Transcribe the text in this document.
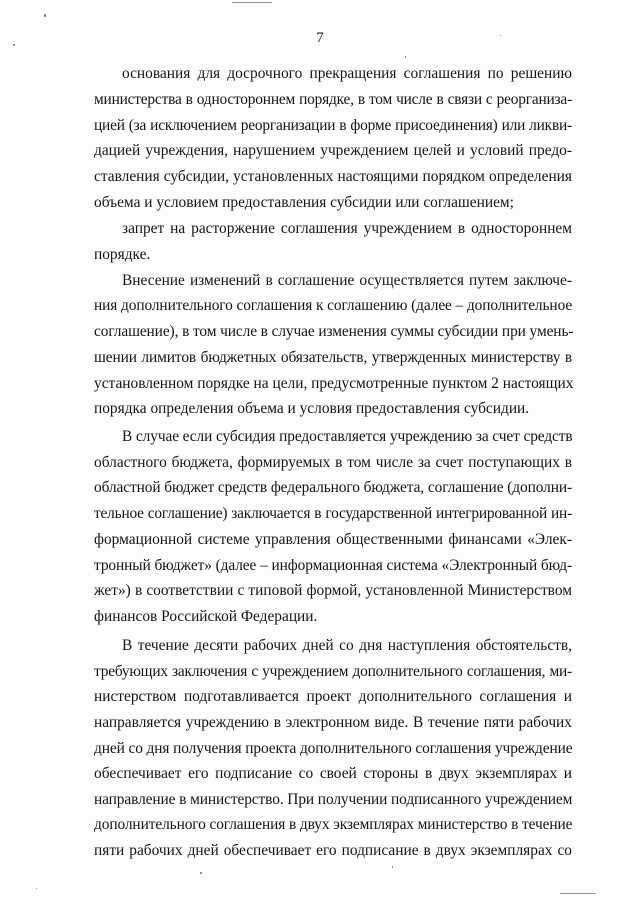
7
основания для досрочного прекращения соглашения по решению
министерства в одностороннем порядке, в том числе в связи с реорганиза-
цией (за исключением реорганизации в форме присоединения) или ликви-
дацией учреждения, нарушением учреждением целей и условий предо-
ставления субсидии, установленных настоящими порядком определения
объема и условием предоставления субсидии или соглашением;
запрет на расторжение соглашения учреждением в одностороннем
порядке.
Внесение изменений в соглашение осуществляется путем заключе-
ния дополнительного соглашения к соглашению (далее – дополнительное
соглашение), в том числе в случае изменения суммы субсидии при умень-
шении лимитов бюджетных обязательств, утвержденных министерству в
установленном порядке на цели, предусмотренные пунктом 2 настоящих
порядка определения объема и условия предоставления субсидии.
В случае если субсидия предоставляется учреждению за счет средств
областного бюджета, формируемых в том числе за счет поступающих в
областной бюджет средств федерального бюджета, соглашение (дополни-
тельное соглашение) заключается в государственной интегрированной ин-
формационной системе управления общественными финансами «Элек-
тронный бюджет» (далее – информационная система «Электронный бюд-
жет») в соответствии с типовой формой, установленной Министерством
финансов Российской Федерации.
В течение десяти рабочих дней со дня наступления обстоятельств,
требующих заключения с учреждением дополнительного соглашения, ми-
нистерством подготавливается проект дополнительного соглашения и
направляется учреждению в электронном виде. В течение пяти рабочих
дней со дня получения проекта дополнительного соглашения учреждение
обеспечивает его подписание со своей стороны в двух экземплярах и
направление в министерство. При получении подписанного учреждением
дополнительного соглашения в двух экземплярах министерство в течение
пяти рабочих дней обеспечивает его подписание в двух экземплярах со
